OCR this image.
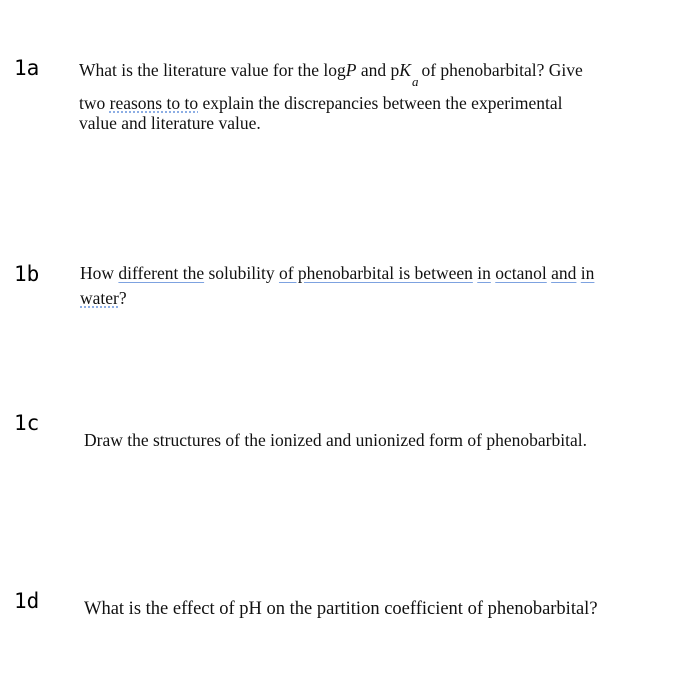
1a What is the literature value for the logP and $pK_aof$ phenobarbital? Give
two reasons to to explain the discrepancies between the experimental
value and literature value.
1b How different the solubility of phenobarbital is between in octanol and in
water?
1c
Draw the structures of the ionized and unionized form of phenobarbital.
1d What is the effect of pH on the partition coefficient of phenobarbital?
